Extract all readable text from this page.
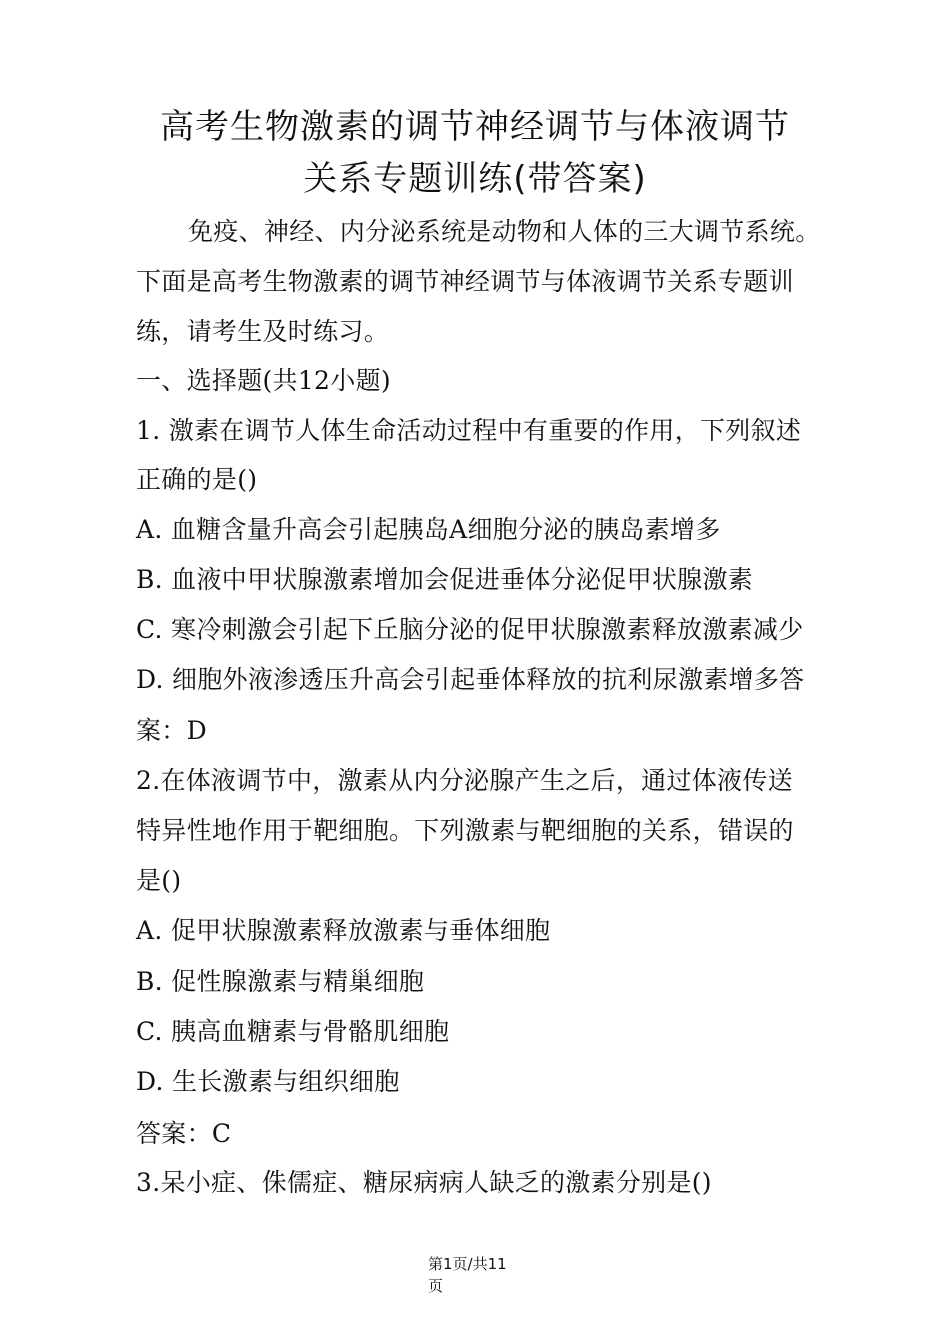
高考生物激素的调节神经调节与体液调节
关系专题训练(带答案)
免疫、神经、内分泌系统是动物和人体的三大调节系统。
下面是高考生物激素的调节神经调节与体液调节关系专题训
练，请考生及时练习。
一、选择题(共12小题)
1. 激素在调节人体生命活动过程中有重要的作用，下列叙述
正确的是()
A. 血糖含量升高会引起胰岛A细胞分泌的胰岛素增多
B. 血液中甲状腺激素增加会促进垂体分泌促甲状腺激素
C. 寒冷刺激会引起下丘脑分泌的促甲状腺激素释放激素减少
D. 细胞外液渗透压升高会引起垂体释放的抗利尿激素增多答
案：D
2.在体液调节中，激素从内分泌腺产生之后，通过体液传送
特异性地作用于靶细胞。下列激素与靶细胞的关系，错误的
是()
A. 促甲状腺激素释放激素与垂体细胞
B. 促性腺激素与精巢细胞
C. 胰高血糖素与骨骼肌细胞
D. 生长激素与组织细胞
答案：C
3.呆小症、侏儒症、糖尿病病人缺乏的激素分别是()
第1页/共11
页
